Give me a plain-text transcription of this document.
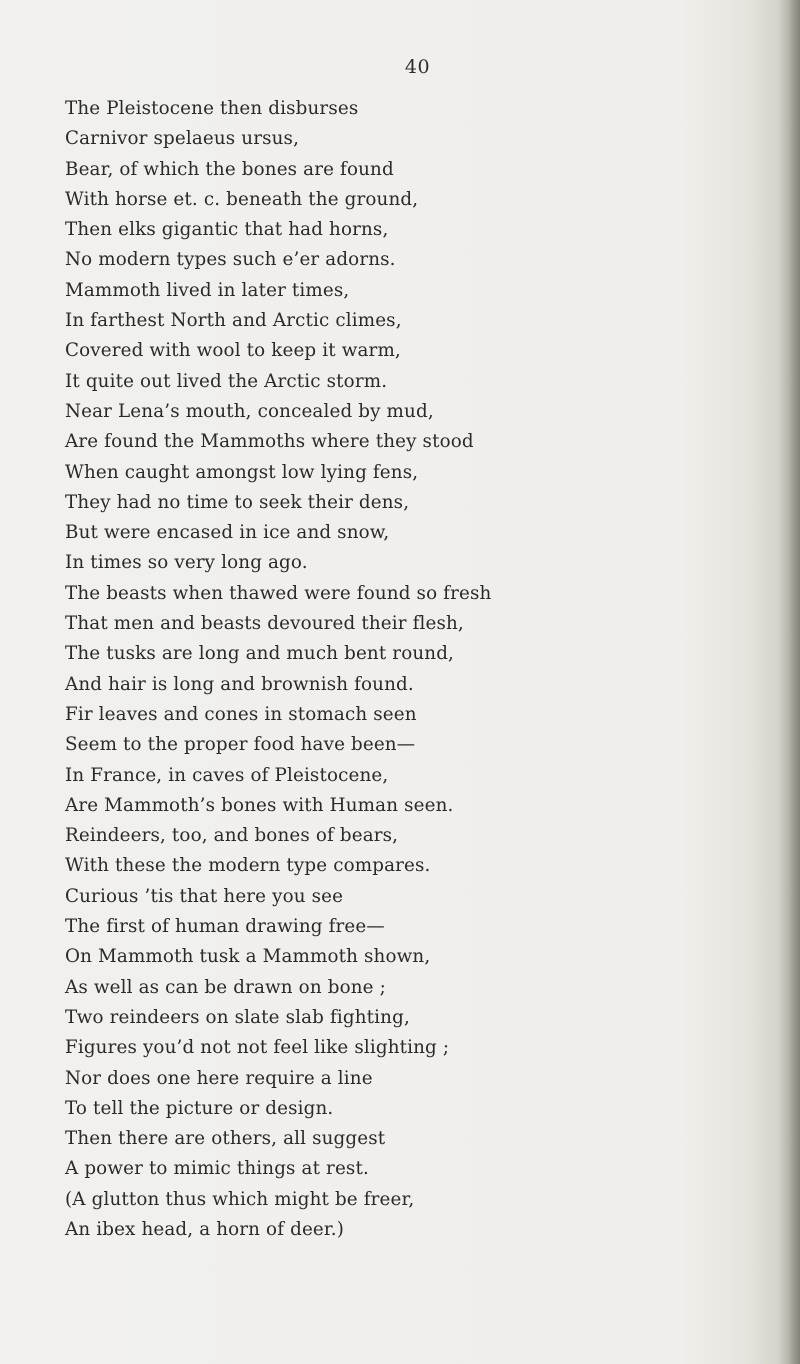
40
The Pleistocene then disburses
Carnivor spelaeus ursus,
Bear, of which the bones are found
With horse et. c. beneath the ground,
Then elks gigantic that had horns,
No modern types such e’er adorns.
Mammoth lived in later times,
In farthest North and Arctic climes,
Covered with wool to keep it warm,
It quite out lived the Arctic storm.
Near Lena’s mouth, concealed by mud,
Are found the Mammoths where they stood
When caught amongst low lying fens,
They had no time to seek their dens,
But were encased in ice and snow,
In times so very long ago.
The beasts when thawed were found so fresh
That men and beasts devoured their flesh,
The tusks are long and much bent round,
And hair is long and brownish found.
Fir leaves and cones in stomach seen
Seem to the proper food have been—
In France, in caves of Pleistocene,
Are Mammoth’s bones with Human seen.
Reindeers, too, and bones of bears,
With these the modern type compares.
Curious ’tis that here you see
The first of human drawing free—
On Mammoth tusk a Mammoth shown,
As well as can be drawn on bone ;
Two reindeers on slate slab fighting,
Figures you’d not not feel like slighting ;
Nor does one here require a line
To tell the picture or design.
Then there are others, all suggest
A power to mimic things at rest.
(A glutton thus which might be freer,
An ibex head, a horn of deer.)
